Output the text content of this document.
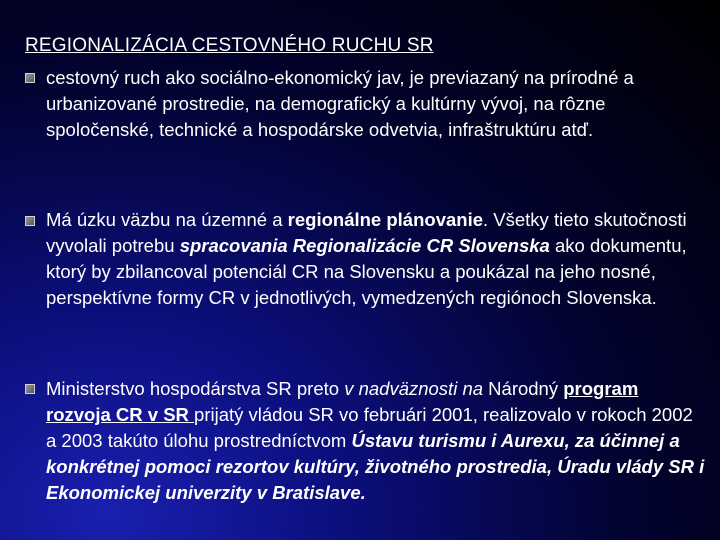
REGIONALIZÁCIA CESTOVNÉHO RUCHU SR
cestovný ruch ako sociálno-ekonomický jav, je previazaný na prírodné a urbanizované prostredie, na demografický a kultúrny vývoj, na rôzne spoločenské, technické a hospodárske odvetvia, infraštruktúru atď.
Má úzku väzbu na územné a regionálne plánovanie. Všetky tieto skutočnosti vyvolali potrebu spracovania Regionalizácie CR Slovenska ako dokumentu, ktorý by zbilancoval potenciál CR na Slovensku a poukázal na jeho nosné, perspektívne formy CR v jednotlivých, vymedzených regiónoch Slovenska.
Ministerstvo hospodárstva SR preto v nadväznosti na Národný program rozvoja CR v SR prijatý vládou SR vo februári 2001, realizovalo v rokoch 2002 a 2003 takúto úlohu prostredníctvom Ústavu turismu i Aurexu, za účinnej a konkrétnej pomoci rezortov kultúry, životného prostredia, Úradu vlády SR i Ekonomickej univerzity v Bratislave.
